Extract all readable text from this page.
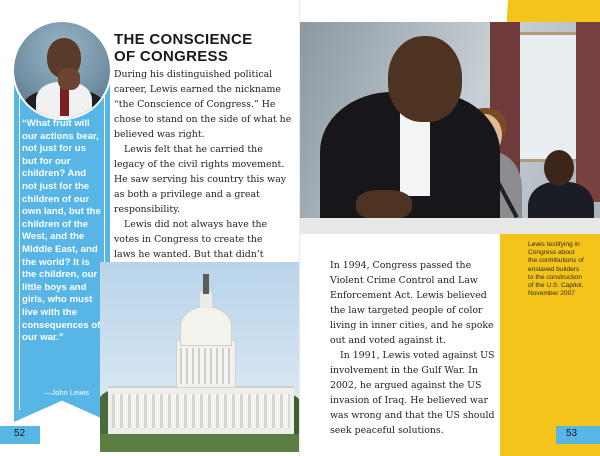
“What fruit will our actions bear, not just for us but for our children? And not just for the children of our own land, but the children of the West, and the Middle East, and the world? It is the children, our little boys and girls, who must live with the consequences of our war.”
—John Lewis
THE CONSCIENCE
OF CONGRESS

During his distinguished political career, Lewis earned the nickname “the Conscience of Congress.” He chose to stand on the side of what he believed was right.

Lewis felt that he carried the legacy of the civil rights movement. He saw serving his country this way as both a privilege and a great responsibility.

Lewis did not always have the votes in Congress to create the laws he wanted. But that didn’t

52

In 1994, Congress passed the Violent Crime Control and Law Enforcement Act. Lewis believed the law targeted people of color living in inner cities, and he spoke out and voted against it.

In 1991, Lewis voted against US involvement in the Gulf War. In 2002, he argued against the US invasion of Iraq. He believed war was wrong and that the US should seek peaceful solutions.

Lewis testifying in Congress about the contributions of enslaved builders to the construction of the U.S. Capitol, November 2007
53
